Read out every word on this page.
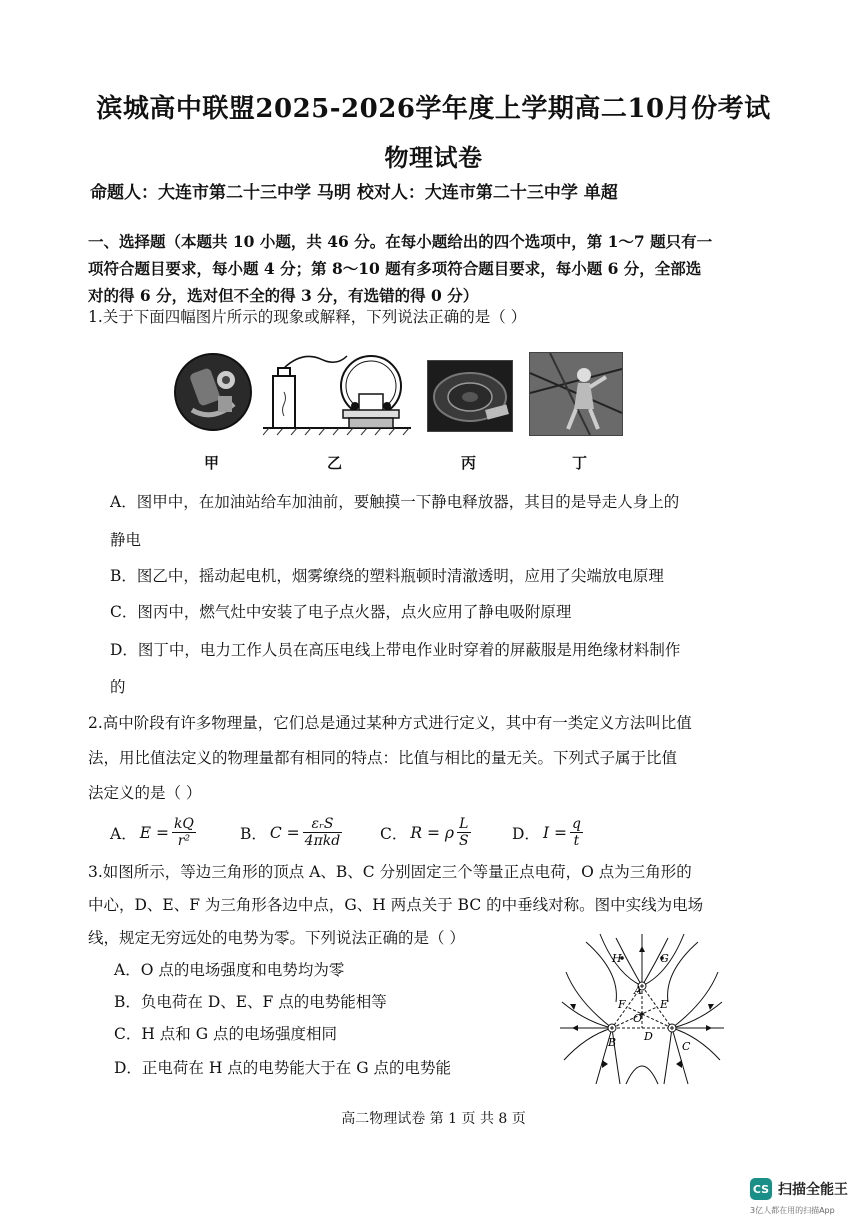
滨城高中联盟2025-2026学年度上学期高二10月份考试
物理试卷
命题人：大连市第二十三中学 马明 校对人：大连市第二十三中学 单超
一、选择题（本题共 10 小题，共 46 分。在每小题给出的四个选项中，第 1～7 题只有一
项符合题目要求，每小题 4 分；第 8～10 题有多项符合题目要求，每小题 6 分，全部选
对的得 6 分，选对但不全的得 3 分，有选错的得 0 分）
1.关于下面四幅图片所示的现象或解释，下列说法正确的是（ ）
甲	乙	丙	丁
A．图甲中，在加油站给车加油前，要触摸一下静电释放器，其目的是导走人身上的
静电
B．图乙中，摇动起电机，烟雾缭绕的塑料瓶顿时清澈透明，应用了尖端放电原理
C．图丙中，燃气灶中安装了电子点火器，点火应用了静电吸附原理
D．图丁中，电力工作人员在高压电线上带电作业时穿着的屏蔽服是用绝缘材料制作
的
2.高中阶段有许多物理量，它们总是通过某种方式进行定义，其中有一类定义方法叫比值
法，用比值法定义的物理量都有相同的特点：比值与相比的量无关。下列式子属于比值
法定义的是（ ）
A． $E = \frac{kQ}{\text{r²}}$	B． $C = \frac{\text{εᵣS}}{\text{4πkd}}$ C． R = ρ $\frac{L}{S}$	D． $I = \frac{q}{t}$
3.如图所示，等边三角形的顶点 A、B、C 分别固定三个等量正点电荷，O 点为三角形的
中心，D、E、F 为三角形各边中点，G、H 两点关于 BC 的中垂线对称。图中实线为电场
线，规定无穷远处的电势为零。下列说法正确的是（ ）
A．O 点的电场强度和电势均为零
B．负电荷在 D、E、F 点的电势能相等
C．H 点和 G 点的电场强度相同
D．正电荷在 H 点的电势能大于在 G 点的电势能
A
B	C
D
E
F
G
H
O
高二物理试卷 第 1 页 共 8 页
CS 扫描全能王
3亿人都在用的扫描App
